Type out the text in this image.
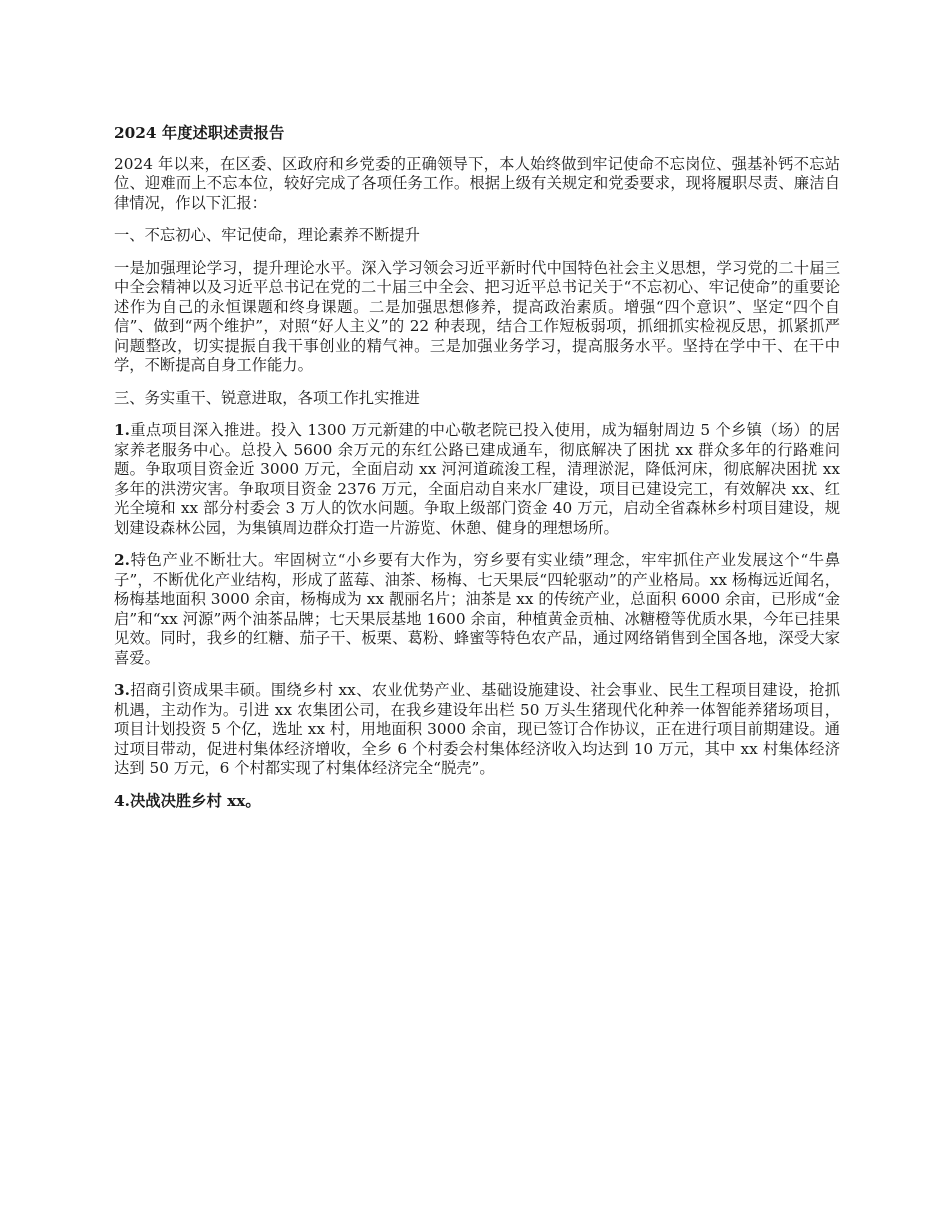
2024 年度述职述责报告

2024 年以来，在区委、区政府和乡党委的正确领导下，本人始终做到牢记使命不忘岗位、强基补钙不忘站位、迎难而上不忘本位，较好完成了各项任务工作。根据上级有关规定和党委要求，现将履职尽责、廉洁自律情况，作以下汇报：

一、不忘初心、牢记使命，理论素养不断提升

一是加强理论学习，提升理论水平。深入学习领会习近平新时代中国特色社会主义思想，学习党的二十届三中全会精神以及习近平总书记在党的二十届三中全会、把习近平总书记关于“不忘初心、牢记使命”的重要论述作为自己的永恒课题和终身课题。二是加强思想修养，提高政治素质。增强“四个意识”、坚定“四个自信”、做到“两个维护”，对照“好人主义”的 22 种表现，结合工作短板弱项，抓细抓实检视反思，抓紧抓严问题整改，切实提振自我干事创业的精气神。三是加强业务学习，提高服务水平。坚持在学中干、在干中学，不断提高自身工作能力。

三、务实重干、锐意进取，各项工作扎实推进

1.重点项目深入推进。投入 1300 万元新建的中心敬老院已投入使用，成为辐射周边 5 个乡镇（场）的居家养老服务中心。总投入 5600 余万元的东红公路已建成通车，彻底解决了困扰 xx 群众多年的行路难问题。争取项目资金近 3000 万元，全面启动 xx 河河道疏浚工程，清理淤泥，降低河床，彻底解决困扰 xx 多年的洪涝灾害。争取项目资金 2376 万元，全面启动自来水厂建设，项目已建设完工，有效解决 xx、红光全境和 xx 部分村委会 3 万人的饮水问题。争取上级部门资金 40 万元，启动全省森林乡村项目建设，规划建设森林公园，为集镇周边群众打造一片游览、休憩、健身的理想场所。

2.特色产业不断壮大。牢固树立“小乡要有大作为，穷乡要有实业绩”理念，牢牢抓住产业发展这个“牛鼻子”，不断优化产业结构，形成了蓝莓、油茶、杨梅、七天果辰“四轮驱动”的产业格局。xx 杨梅远近闻名，杨梅基地面积 3000 余亩，杨梅成为 xx 靓丽名片；油茶是 xx 的传统产业，总面积 6000 余亩，已形成“金启”和“xx 河源”两个油茶品牌；七天果辰基地 1600 余亩，种植黄金贡柚、冰糖橙等优质水果，今年已挂果见效。同时，我乡的红糖、茄子干、板栗、葛粉、蜂蜜等特色农产品，通过网络销售到全国各地，深受大家喜爱。

3.招商引资成果丰硕。围绕乡村 xx、农业优势产业、基础设施建设、社会事业、民生工程项目建设，抢抓机遇，主动作为。引进 xx 农集团公司，在我乡建设年出栏 50 万头生猪现代化种养一体智能养猪场项目，项目计划投资 5 个亿，选址 xx 村，用地面积 3000 余亩，现已签订合作协议，正在进行项目前期建设。通过项目带动，促进村集体经济增收，全乡 6 个村委会村集体经济收入均达到 10 万元，其中 xx 村集体经济达到 50 万元，6 个村都实现了村集体经济完全“脱壳”。

4.决战决胜乡村 xx。
